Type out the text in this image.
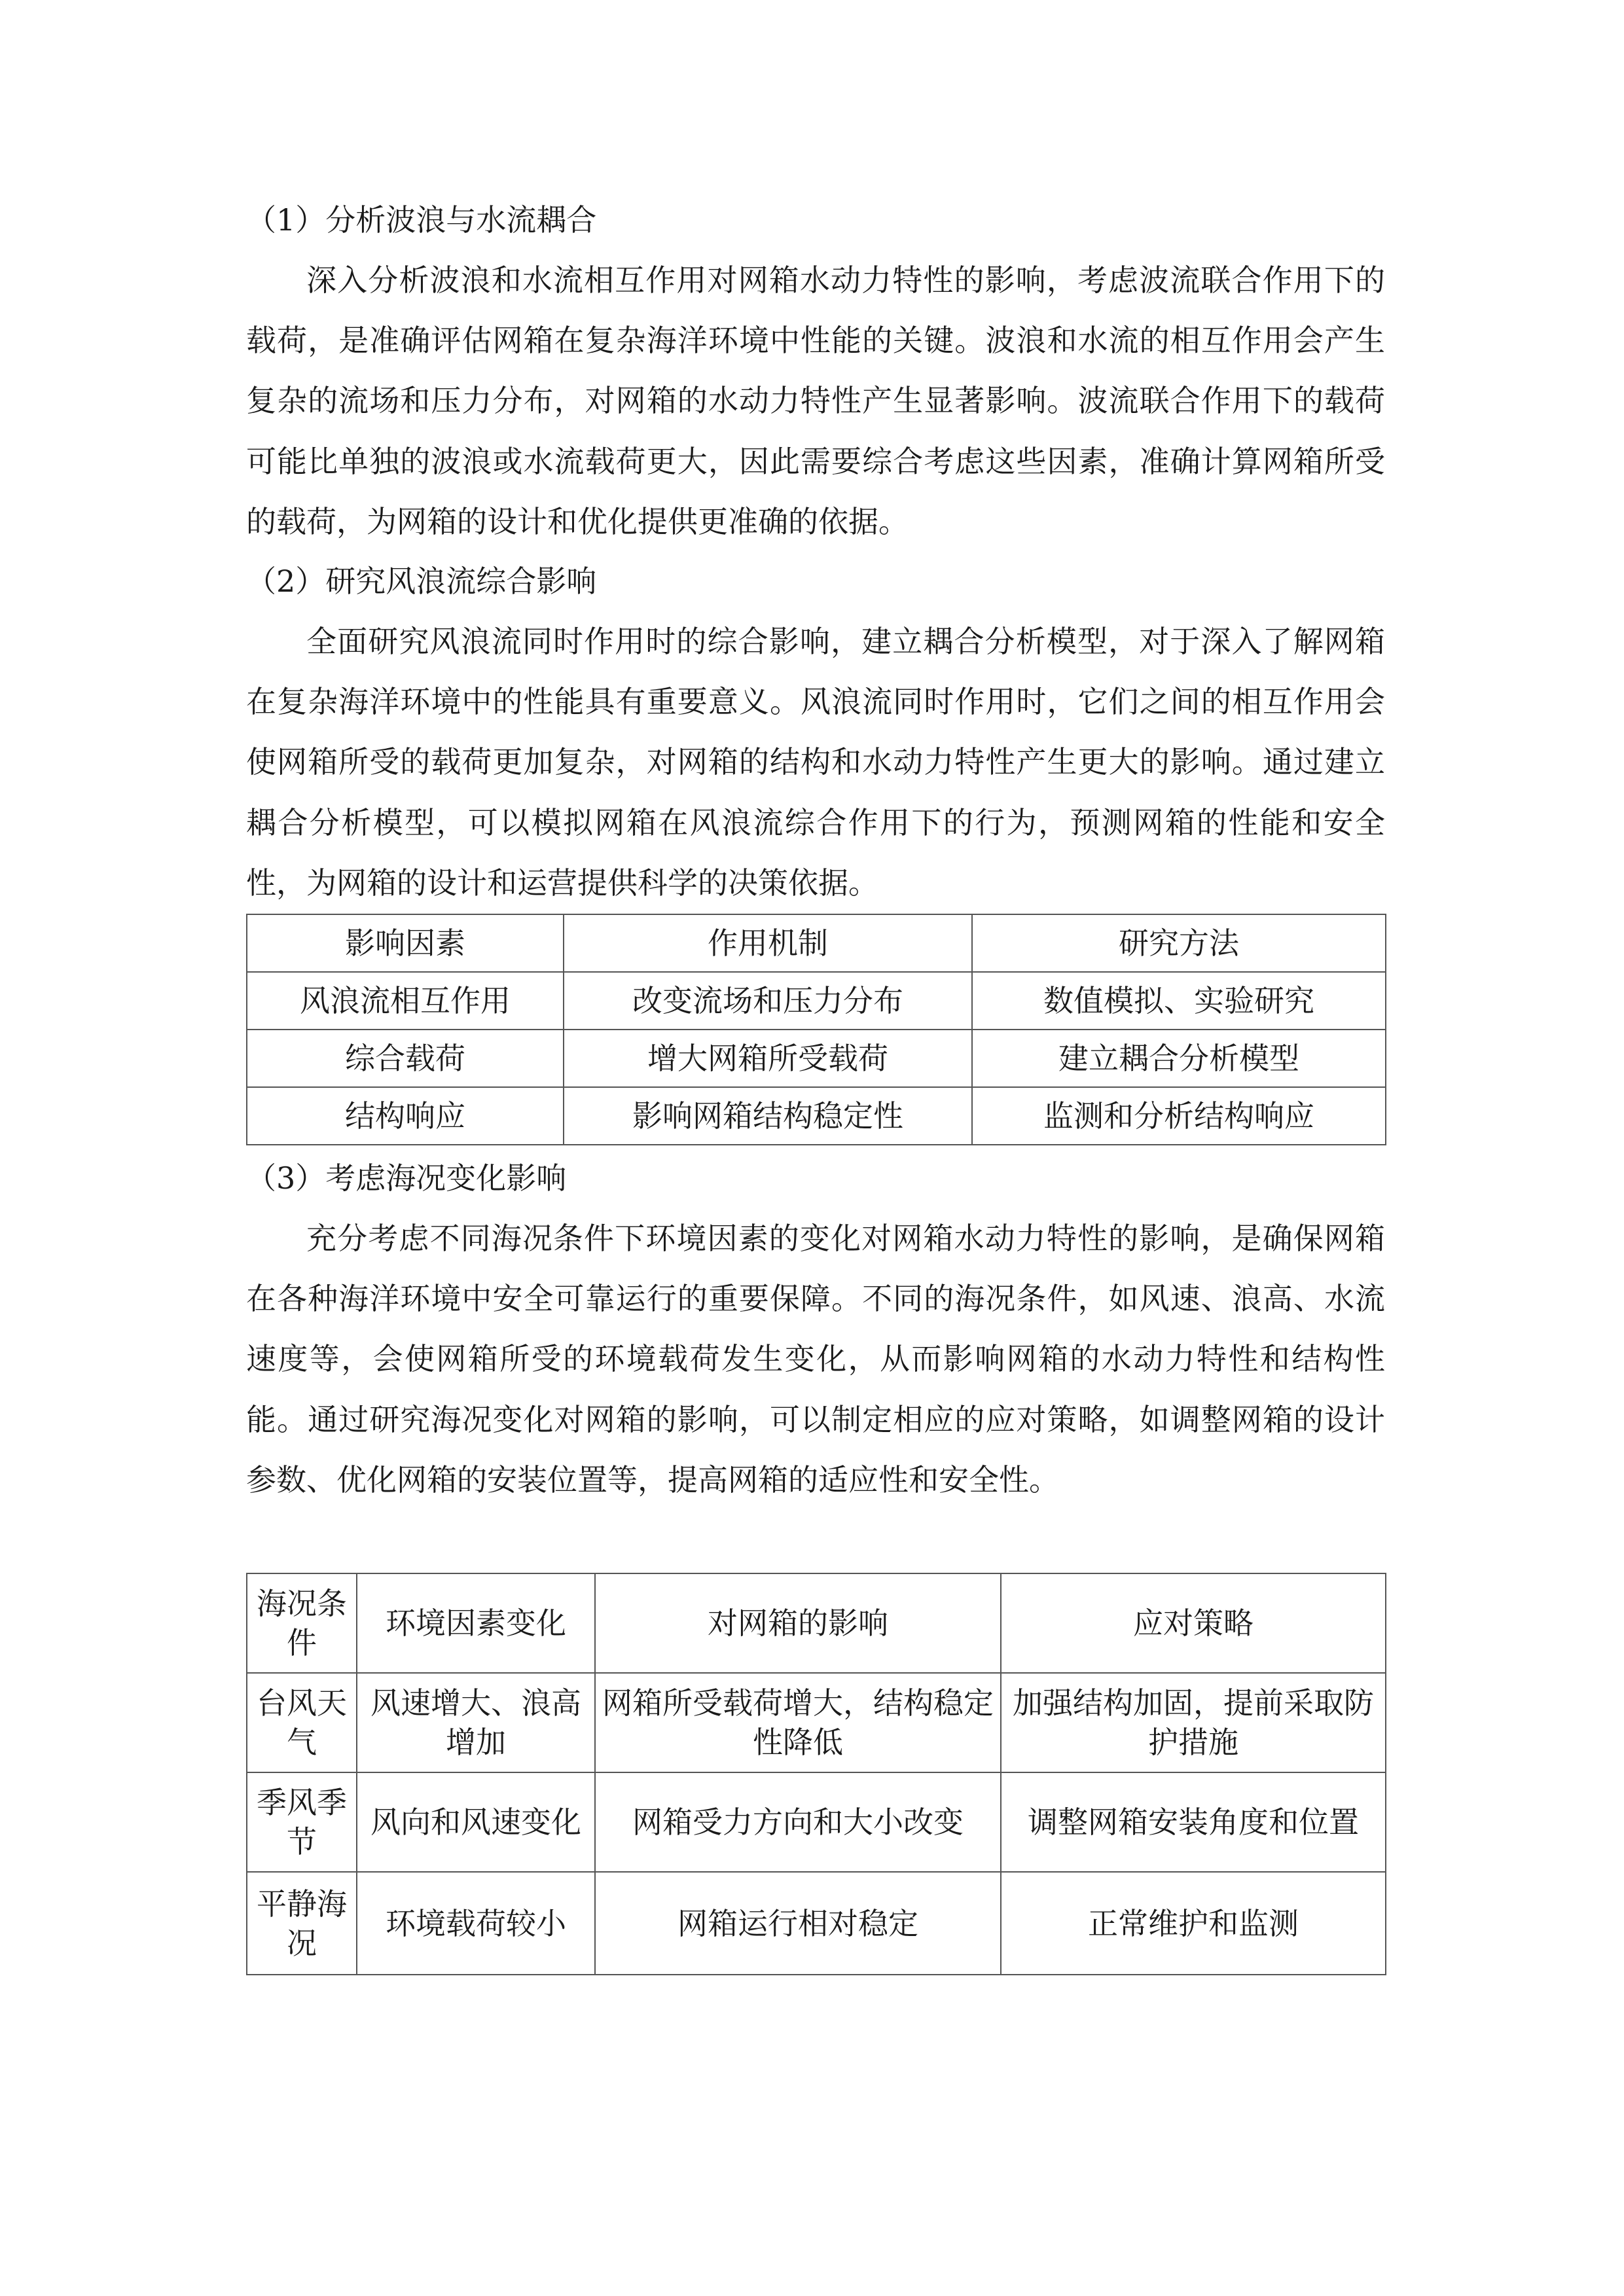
（1）分析波浪与水流耦合

深入分析波浪和水流相互作用对网箱水动力特性的影响，考虑波流联合作用下的载荷，是准确评估网箱在复杂海洋环境中性能的关键。波浪和水流的相互作用会产生复杂的流场和压力分布，对网箱的水动力特性产生显著影响。波流联合作用下的载荷可能比单独的波浪或水流载荷更大，因此需要综合考虑这些因素，准确计算网箱所受的载荷，为网箱的设计和优化提供更准确的依据。

（2）研究风浪流综合影响

全面研究风浪流同时作用时的综合影响，建立耦合分析模型，对于深入了解网箱在复杂海洋环境中的性能具有重要意义。风浪流同时作用时，它们之间的相互作用会使网箱所受的载荷更加复杂，对网箱的结构和水动力特性产生更大的影响。通过建立耦合分析模型，可以模拟网箱在风浪流综合作用下的行为，预测网箱的性能和安全性，为网箱的设计和运营提供科学的决策依据。

影响因素	作用机制	研究方法
风浪流相互作用	改变流场和压力分布	数值模拟、实验研究
综合载荷	增大网箱所受载荷	建立耦合分析模型
结构响应	影响网箱结构稳定性	监测和分析结构响应

（3）考虑海况变化影响

充分考虑不同海况条件下环境因素的变化对网箱水动力特性的影响，是确保网箱在各种海洋环境中安全可靠运行的重要保障。不同的海况条件，如风速、浪高、水流速度等，会使网箱所受的环境载荷发生变化，从而影响网箱的水动力特性和结构性能。通过研究海况变化对网箱的影响，可以制定相应的应对策略，如调整网箱的设计参数、优化网箱的安装位置等，提高网箱的适应性和安全性。

海况条件	环境因素变化	对网箱的影响	应对策略
台风天气	风速增大、浪高增加	网箱所受载荷增大，结构稳定性降低	加强结构加固，提前采取防护措施
季风季节	风向和风速变化	网箱受力方向和大小改变	调整网箱安装角度和位置
平静海况	环境载荷较小	网箱运行相对稳定	正常维护和监测
